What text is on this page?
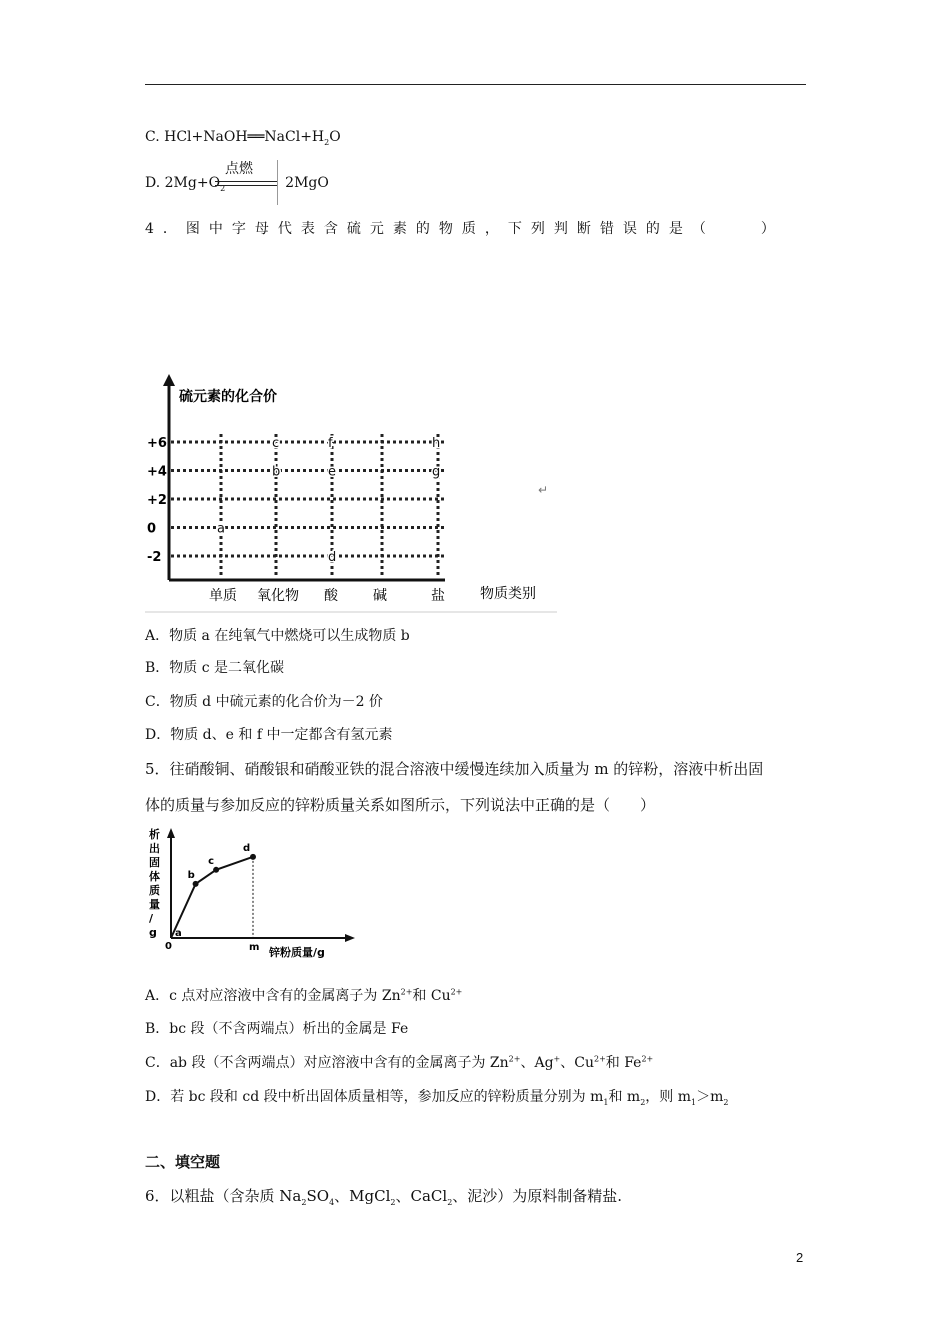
C. $HCl+NaOH══NaCl+H_2O$
D. $2Mg+O_2$	2MgO
点燃
4．图中字母代表含硫元素的物质，下列判断错误的是（　　）
+6
+4
+2
0
-2
单质 氧化物 酸	碱	盐
a
b
c
d
e
f
g
h
硫元素的化合价
物质类别
↵
A．物质 a 在纯氧气中燃烧可以生成物质 b
B．物质 c 是二氧化碳
C．物质 d 中硫元素的化合价为－2 价
D．物质 d、e 和 f 中一定都含有氢元素
5．往硝酸铜、硝酸银和硝酸亚铁的混合溶液中缓慢连续加入质量为 m 的锌粉，溶液中析出固
体的质量与参加反应的锌粉质量关系如图所示，下列说法中正确的是（　　）
析
出
固
体
质
量
/
g a
b
c
d
0	m 锌粉质量/g
A．c 点对应溶液中含有的金属离子为 $Zn^{2+}$和 $Cu^{2+}$
B．bc 段（不含两端点）析出的金属是 Fe
C．ab 段（不含两端点）对应溶液中含有的金属离子为 $Zn^{2+}$、Ag+、$Cu^{2+}$和 $Fe^{2+}$
D．若 bc 段和 cd 段中析出固体质量相等，参加反应的锌粉质量分别为 $m_1$和 $m_2$，则 $m_1>m_2$
二、填空题
6．以粗盐（含杂质 $Na_2SO_4$、MgCl$_2$、CaCl$_2$、泥沙）为原料制备精盐.
2
